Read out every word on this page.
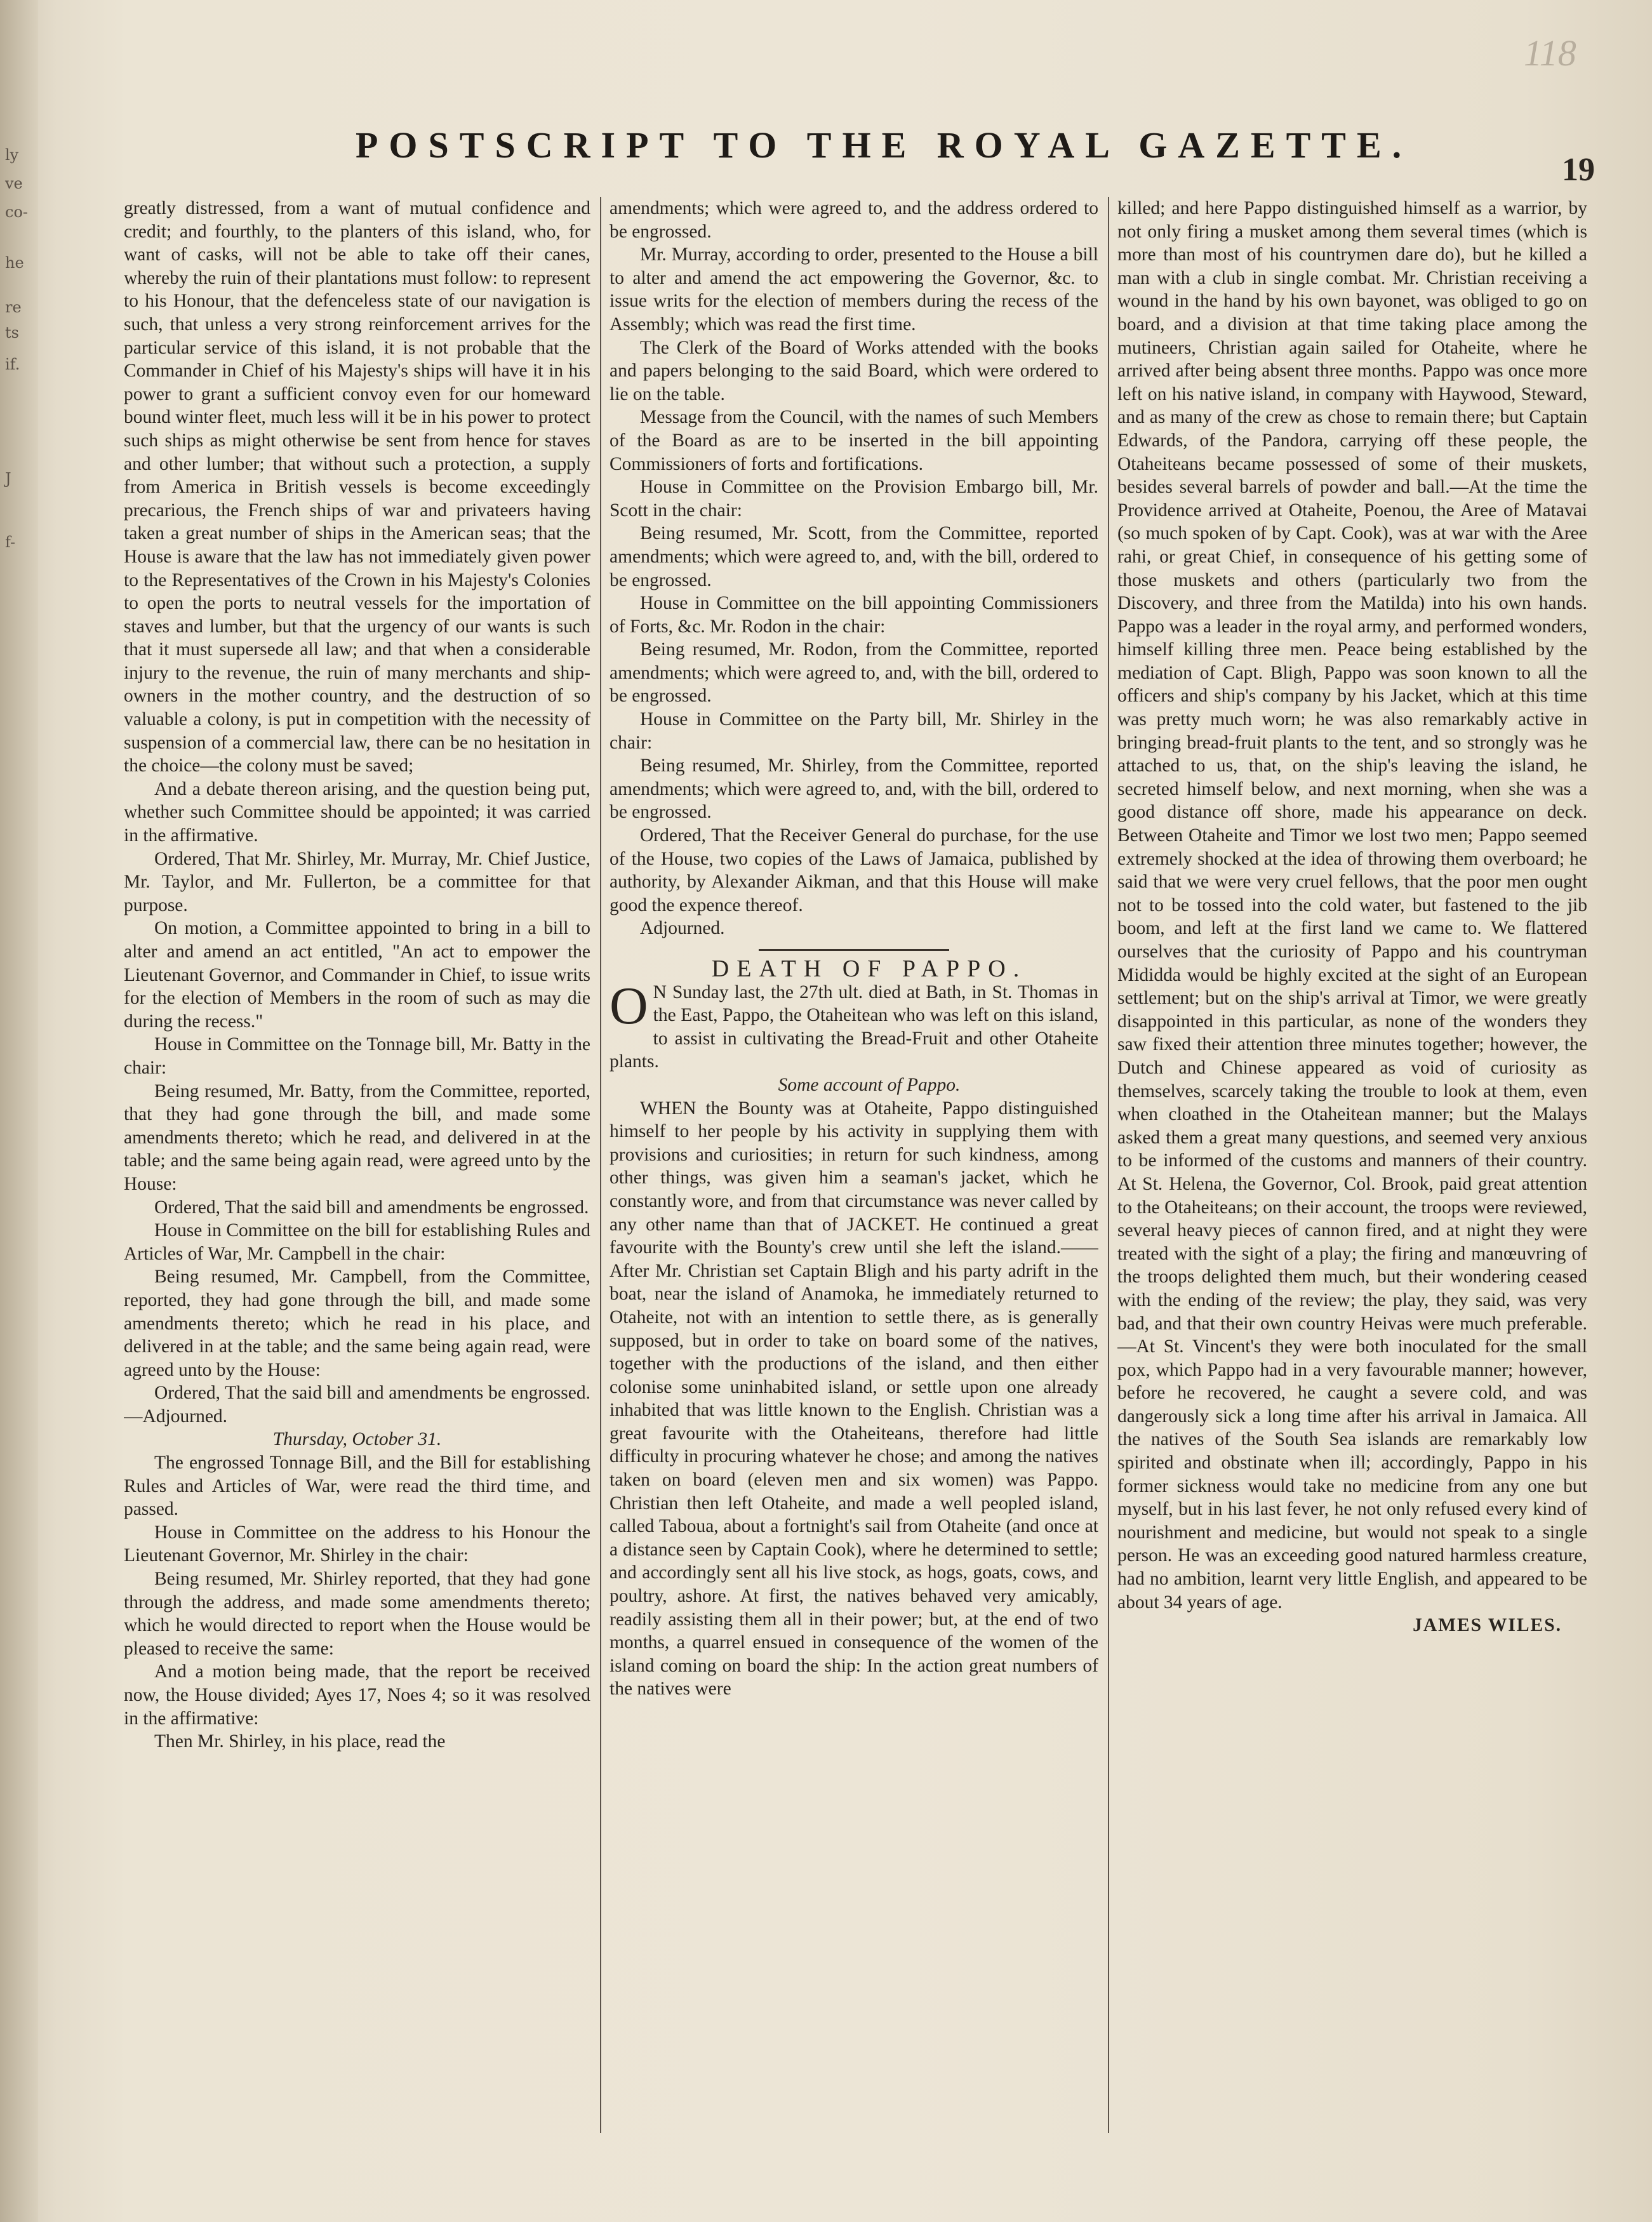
ly
ve
co-
he
re
ts
if.
J
f-
118
POSTSCRIPT TO THE ROYAL GAZETTE.
19

greatly distressed, from a want of mutual confidence and credit; and fourthly, to the planters of this island, who, for want of casks, will not be able to take off their canes, whereby the ruin of their plantations must follow: to represent to his Honour, that the defenceless state of our navigation is such, that unless a very strong reinforcement arrives for the particular service of this island, it is not probable that the Commander in Chief of his Majesty's ships will have it in his power to grant a sufficient convoy even for our homeward bound winter fleet, much less will it be in his power to protect such ships as might otherwise be sent from hence for staves and other lumber; that without such a protection, a supply from America in British vessels is become exceedingly precarious, the French ships of war and privateers having taken a great number of ships in the American seas; that the House is aware that the law has not immediately given power to the Representatives of the Crown in his Majesty's Colonies to open the ports to neutral vessels for the importation of staves and lumber, but that the urgency of our wants is such that it must supersede all law; and that when a considerable injury to the revenue, the ruin of many merchants and ship-owners in the mother country, and the destruction of so valuable a colony, is put in competition with the necessity of suspension of a commercial law, there can be no hesitation in the choice—the colony must be saved;

And a debate thereon arising, and the question being put, whether such Committee should be appointed; it was carried in the affirmative.

Ordered, That Mr. Shirley, Mr. Murray, Mr. Chief Justice, Mr. Taylor, and Mr. Fullerton, be a committee for that purpose.

On motion, a Committee appointed to bring in a bill to alter and amend an act entitled, "An act to empower the Lieutenant Governor, and Commander in Chief, to issue writs for the election of Members in the room of such as may die during the recess."

House in Committee on the Tonnage bill, Mr. Batty in the chair:

Being resumed, Mr. Batty, from the Committee, reported, that they had gone through the bill, and made some amendments thereto; which he read, and delivered in at the table; and the same being again read, were agreed unto by the House:

Ordered, That the said bill and amendments be engrossed.

House in Committee on the bill for establishing Rules and Articles of War, Mr. Campbell in the chair:

Being resumed, Mr. Campbell, from the Committee, reported, they had gone through the bill, and made some amendments thereto; which he read in his place, and delivered in at the table; and the same being again read, were agreed unto by the House:

Ordered, That the said bill and amendments be engrossed.—Adjourned.

Thursday, October 31.

The engrossed Tonnage Bill, and the Bill for establishing Rules and Articles of War, were read the third time, and passed.

House in Committee on the address to his Honour the Lieutenant Governor, Mr. Shirley in the chair:

Being resumed, Mr. Shirley reported, that they had gone through the address, and made some amendments thereto; which he would directed to report when the House would be pleased to receive the same:

And a motion being made, that the report be received now, the House divided; Ayes 17, Noes 4; so it was resolved in the affirmative:

Then Mr. Shirley, in his place, read the

amendments; which were agreed to, and the address ordered to be engrossed.

Mr. Murray, according to order, presented to the House a bill to alter and amend the act empowering the Governor, &c. to issue writs for the election of members during the recess of the Assembly; which was read the first time.

The Clerk of the Board of Works attended with the books and papers belonging to the said Board, which were ordered to lie on the table.

Message from the Council, with the names of such Members of the Board as are to be inserted in the bill appointing Commissioners of forts and fortifications.

House in Committee on the Provision Embargo bill, Mr. Scott in the chair:

Being resumed, Mr. Scott, from the Committee, reported amendments; which were agreed to, and, with the bill, ordered to be engrossed.

House in Committee on the bill appointing Commissioners of Forts, &c. Mr. Rodon in the chair:

Being resumed, Mr. Rodon, from the Committee, reported amendments; which were agreed to, and, with the bill, ordered to be engrossed.

House in Committee on the Party bill, Mr. Shirley in the chair:

Being resumed, Mr. Shirley, from the Committee, reported amendments; which were agreed to, and, with the bill, ordered to be engrossed.

Ordered, That the Receiver General do purchase, for the use of the House, two copies of the Laws of Jamaica, published by authority, by Alexander Aikman, and that this House will make good the expence thereof.

Adjourned.

DEATH OF PAPPO.

O N Sunday last, the 27th ult. died at Bath, in St. Thomas in the East, Pappo, the Otaheitean who was left on this island, to assist in cultivating the Bread-Fruit and other Otaheite plants.

Some account of Pappo.

WHEN the Bounty was at Otaheite, Pappo distinguished himself to her people by his activity in supplying them with provisions and curiosities; in return for such kindness, among other things, was given him a seaman's jacket, which he constantly wore, and from that circumstance was never called by any other name than that of JACKET. He continued a great favourite with the Bounty's crew until she left the island.——After Mr. Christian set Captain Bligh and his party adrift in the boat, near the island of Anamoka, he immediately returned to Otaheite, not with an intention to settle there, as is generally supposed, but in order to take on board some of the natives, together with the productions of the island, and then either colonise some uninhabited island, or settle upon one already inhabited that was little known to the English. Christian was a great favourite with the Otaheiteans, therefore had little difficulty in procuring whatever he chose; and among the natives taken on board (eleven men and six women) was Pappo. Christian then left Otaheite, and made a well peopled island, called Taboua, about a fortnight's sail from Otaheite (and once at a distance seen by Captain Cook), where he determined to settle; and accordingly sent all his live stock, as hogs, goats, cows, and poultry, ashore. At first, the natives behaved very amicably, readily assisting them all in their power; but, at the end of two months, a quarrel ensued in consequence of the women of the island coming on board the ship: In the action great numbers of the natives were

killed; and here Pappo distinguished himself as a warrior, by not only firing a musket among them several times (which is more than most of his countrymen dare do), but he killed a man with a club in single combat. Mr. Christian receiving a wound in the hand by his own bayonet, was obliged to go on board, and a division at that time taking place among the mutineers, Christian again sailed for Otaheite, where he arrived after being absent three months. Pappo was once more left on his native island, in company with Haywood, Steward, and as many of the crew as chose to remain there; but Captain Edwards, of the Pandora, carrying off these people, the Otaheiteans became possessed of some of their muskets, besides several barrels of powder and ball.—At the time the Providence arrived at Otaheite, Poenou, the Aree of Matavai (so much spoken of by Capt. Cook), was at war with the Aree rahi, or great Chief, in consequence of his getting some of those muskets and others (particularly two from the Discovery, and three from the Matilda) into his own hands. Pappo was a leader in the royal army, and performed wonders, himself killing three men. Peace being established by the mediation of Capt. Bligh, Pappo was soon known to all the officers and ship's company by his Jacket, which at this time was pretty much worn; he was also remarkably active in bringing bread-fruit plants to the tent, and so strongly was he attached to us, that, on the ship's leaving the island, he secreted himself below, and next morning, when she was a good distance off shore, made his appearance on deck. Between Otaheite and Timor we lost two men; Pappo seemed extremely shocked at the idea of throwing them overboard; he said that we were very cruel fellows, that the poor men ought not to be tossed into the cold water, but fastened to the jib boom, and left at the first land we came to. We flattered ourselves that the curiosity of Pappo and his countryman Mididda would be highly excited at the sight of an European settlement; but on the ship's arrival at Timor, we were greatly disappointed in this particular, as none of the wonders they saw fixed their attention three minutes together; however, the Dutch and Chinese appeared as void of curiosity as themselves, scarcely taking the trouble to look at them, even when cloathed in the Otaheitean manner; but the Malays asked them a great many questions, and seemed very anxious to be informed of the customs and manners of their country. At St. Helena, the Governor, Col. Brook, paid great attention to the Otaheiteans; on their account, the troops were reviewed, several heavy pieces of cannon fired, and at night they were treated with the sight of a play; the firing and manœuvring of the troops delighted them much, but their wondering ceased with the ending of the review; the play, they said, was very bad, and that their own country Heivas were much preferable.—At St. Vincent's they were both inoculated for the small pox, which Pappo had in a very favourable manner; however, before he recovered, he caught a severe cold, and was dangerously sick a long time after his arrival in Jamaica. All the natives of the South Sea islands are remarkably low spirited and obstinate when ill; accordingly, Pappo in his former sickness would take no medicine from any one but myself, but in his last fever, he not only refused every kind of nourishment and medicine, but would not speak to a single person. He was an exceeding good natured harmless creature, had no ambition, learnt very little English, and appeared to be about 34 years of age.

JAMES WILES.
